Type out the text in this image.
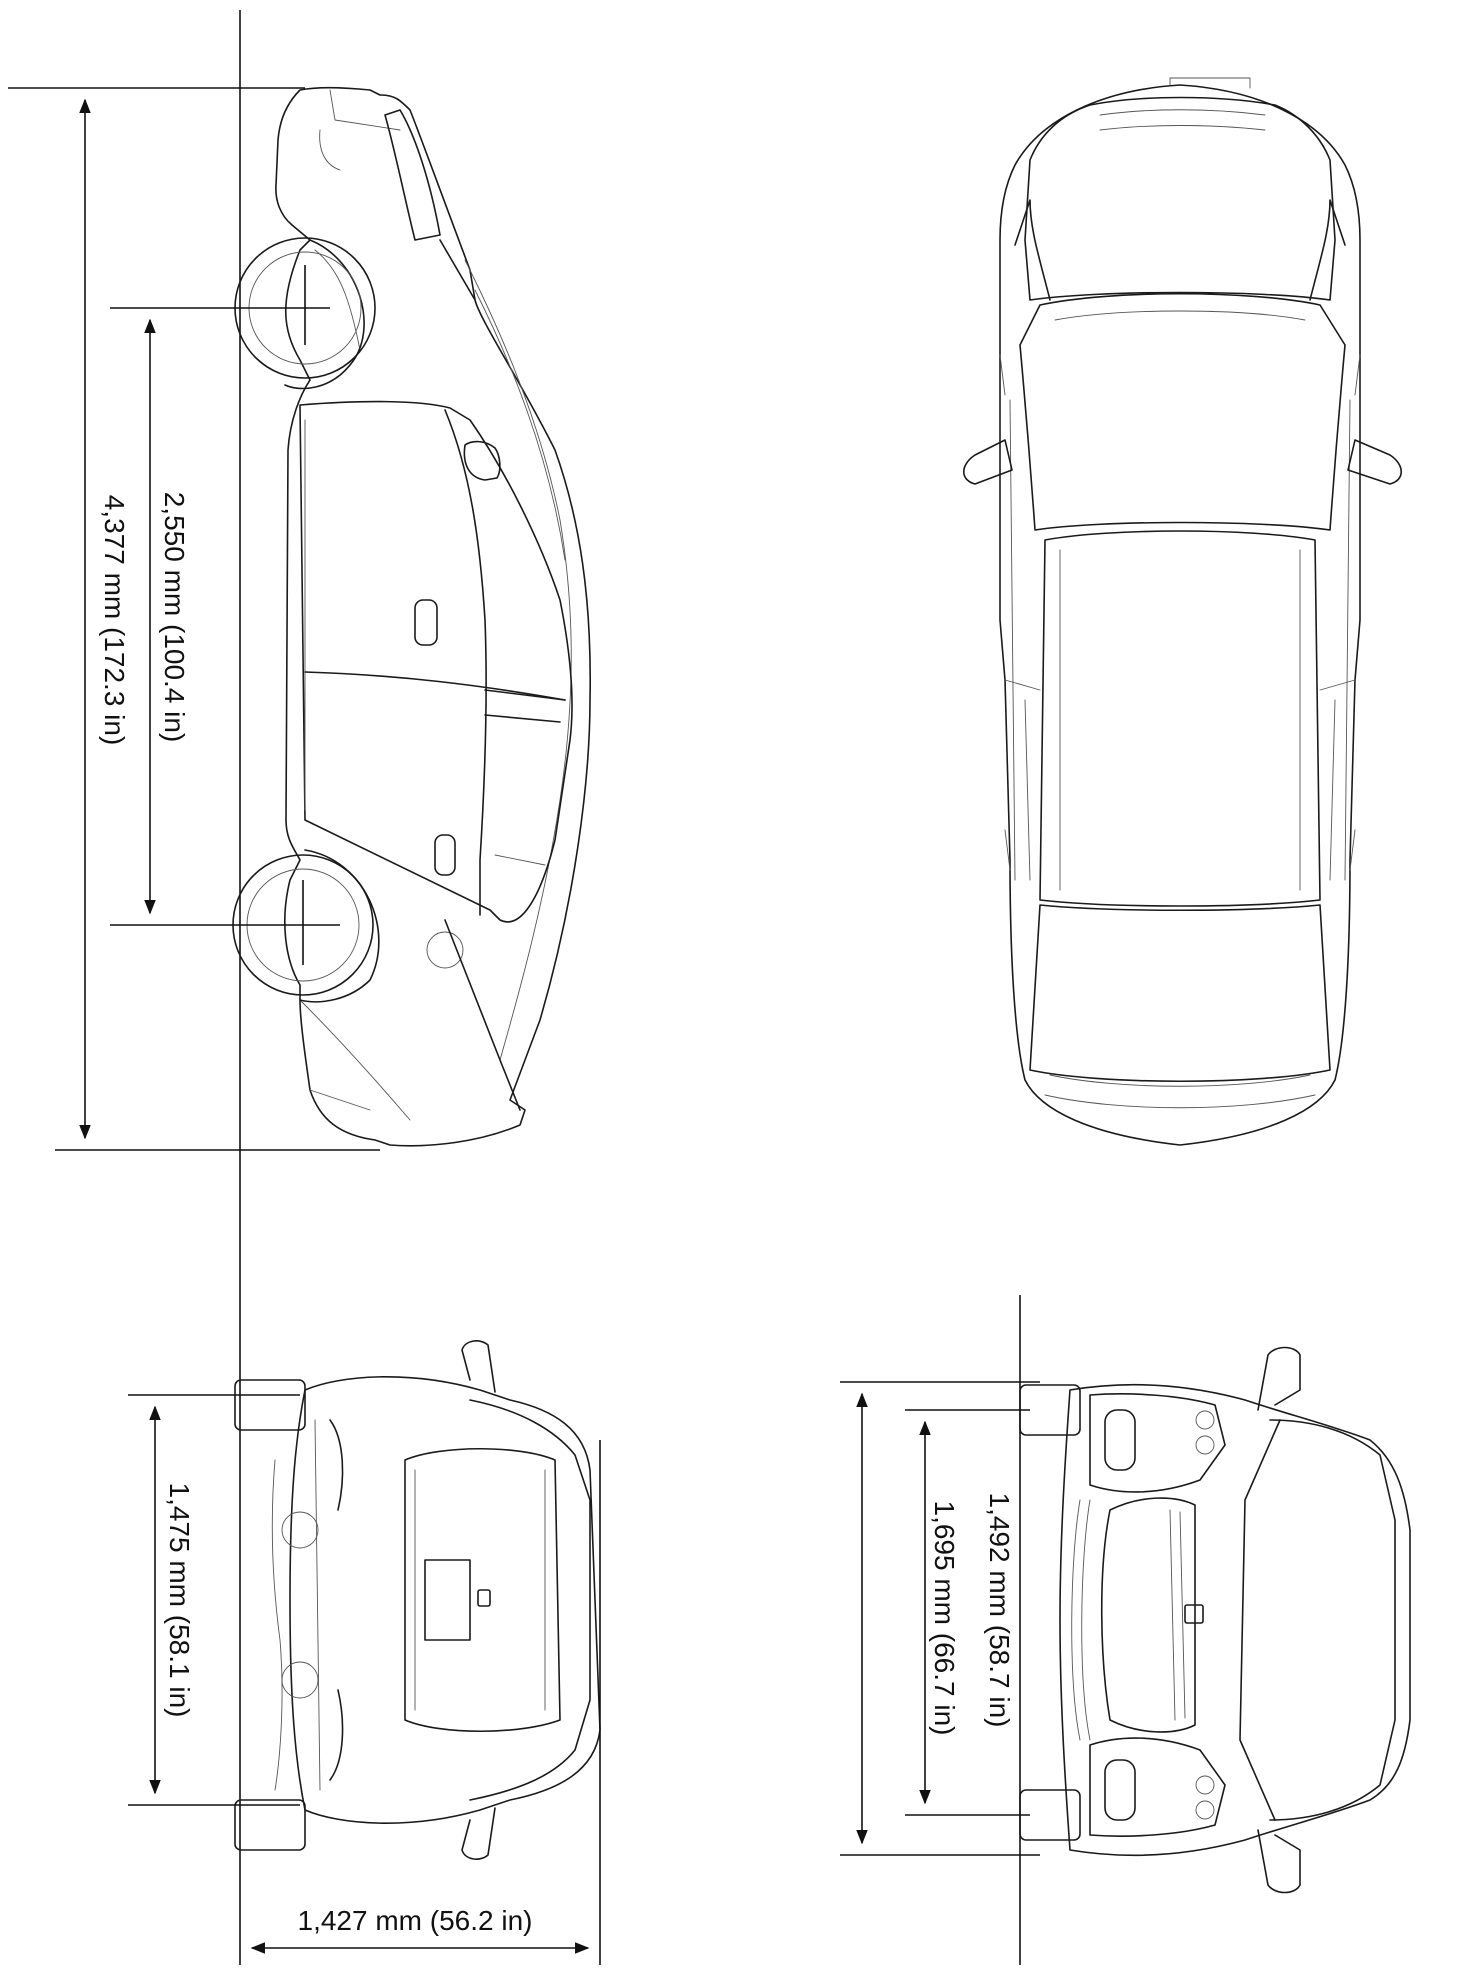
4,377 mm (172.3 in) 2,550 mm (100.4 in)
1,475 mm (58.1 in)
1,427 mm (56.2 in)
1,492 mm (58.7 in)
1,695 mm (66.7 in)
